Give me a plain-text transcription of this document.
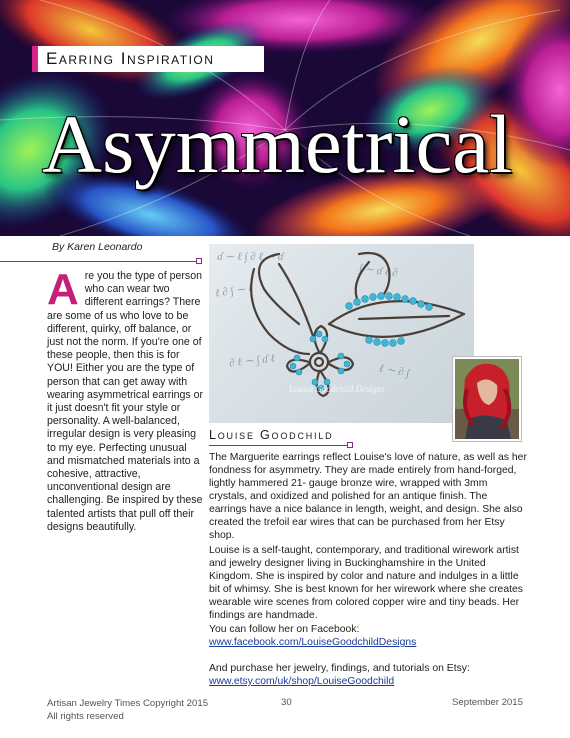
Earring Inspiration
Asymmetrical
By Karen Leonardo
Are you the type of person who can wear two different earrings? There are some of us who love to be different, quirky, off balance, or just not the norm. If you're one of these people, then this is for YOU! Either you are the type of person that can get away with wearing asymmetrical earrings or it just doesn't fit your style or personality. A well-balanced, irregular design is very pleasing to my eye. Perfecting unusual and mismatched materials into a cohesive, attractive, unconventional design are challenging. Be inspired by these talented artists that pull off their designs beautifully.
ɗ ∼ ℓ ∫ ∂ ℓ ∼ ɗ
ℓ ∂ ∫ ∼ ℓ
∫ ∼ ɗ ℓ ∂
∂ ℓ ∼ ∫ ɗ ℓ
ℓ ∼ ∂ ∫
Louise Goodchild Designs
Louise Goodchild
The Marguerite earrings reflect Louise's love of nature, as well as her fondness for asymmetry. They are made entirely from hand-forged, lightly hammered 21- gauge bronze wire, wrapped with 3mm crystals, and oxidized and polished for an antique finish. The earrings have a nice balance in length, weight, and design. She also created the trefoil ear wires that can be purchased from her Etsy shop.
Louise is a self-taught, contemporary, and traditional wirework artist and jewelry designer living in Buckinghamshire in the United Kingdom. She is inspired by color and nature and indulges in a little bit of whimsy. She is best known for her wirework where she creates wearable wire scenes from colored copper wire and tiny beads. Her findings are handmade.
You can follow her on Facebook:
www.facebook.com/LouiseGoodchildDesigns
And purchase her jewelry, findings, and tutorials on Etsy:
www.etsy.com/uk/shop/LouiseGoodchild
Artisan Jewelry Times Copyright 2015
All rights reserved
30	September 2015
